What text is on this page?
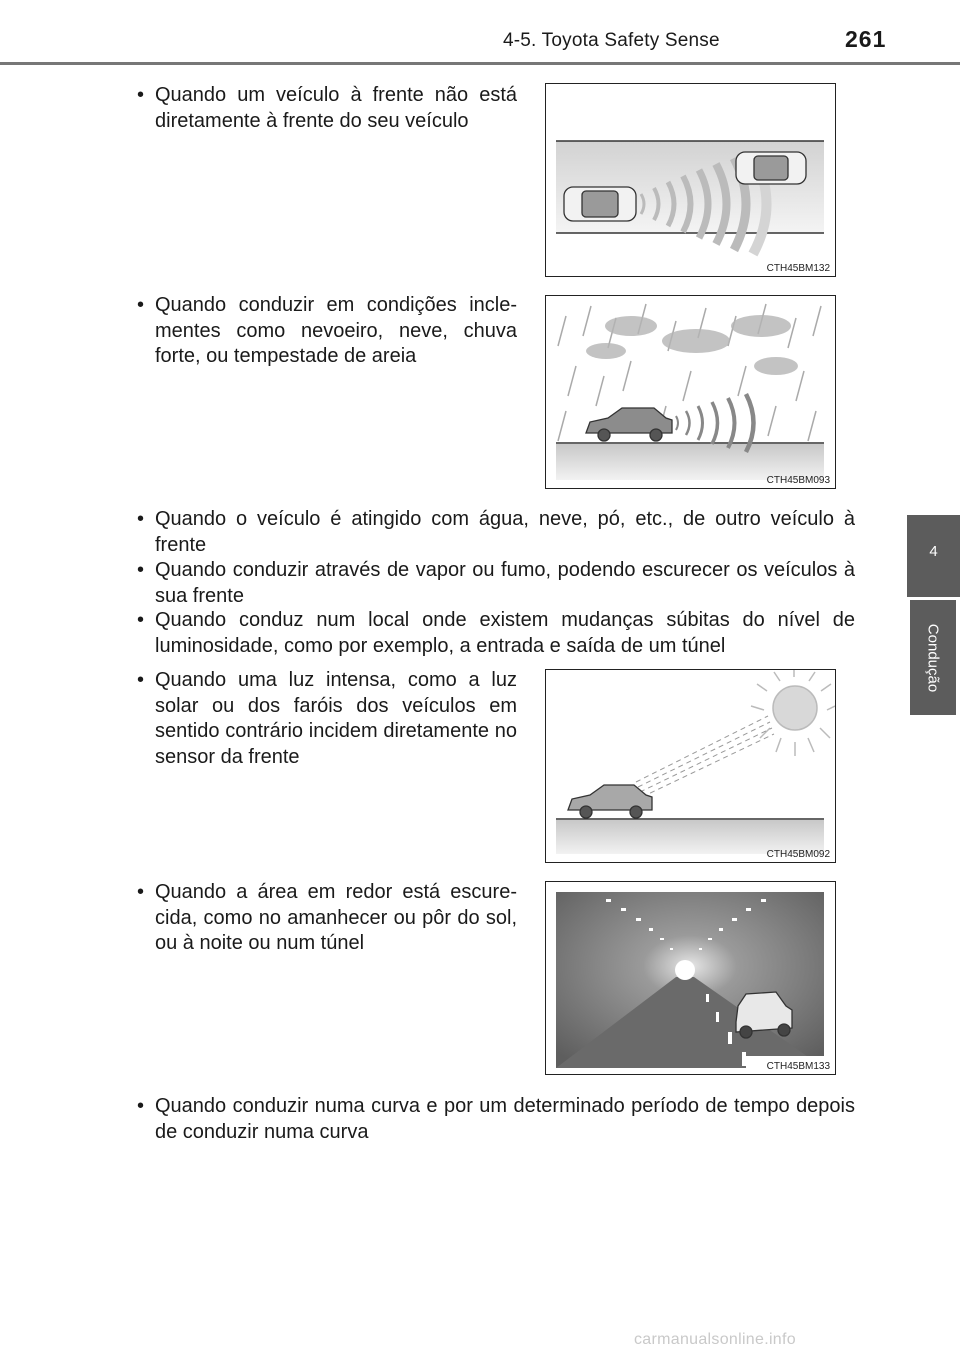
4-5. Toyota Safety Sense	261
4
Condução
• Quando um veículo à frente não está diretamente à frente do seu veículo
• Quando conduzir em condições incle-mentes como nevoeiro, neve, chuva forte, ou tempestade de areia
• Quando o veículo é atingido com água, neve, pó, etc., de outro veículo à frente
• Quando conduzir através de vapor ou fumo, podendo escurecer os veículos à sua frente
• Quando conduz num local onde existem mudanças súbitas do nível de luminosidade, como por exemplo, a entrada e saída de um túnel
• Quando uma luz intensa, como a luz solar ou dos faróis dos veículos em sentido contrário incidem diretamente no sensor da frente
• Quando a área em redor está escure-cida, como no amanhecer ou pôr do sol, ou à noite ou num túnel
• Quando conduzir numa curva e por um determinado período de tempo depois de conduzir numa curva
CTH45BM132
CTH45BM093
CTH45BM092
CTH45BM133
carmanualsonline.info
